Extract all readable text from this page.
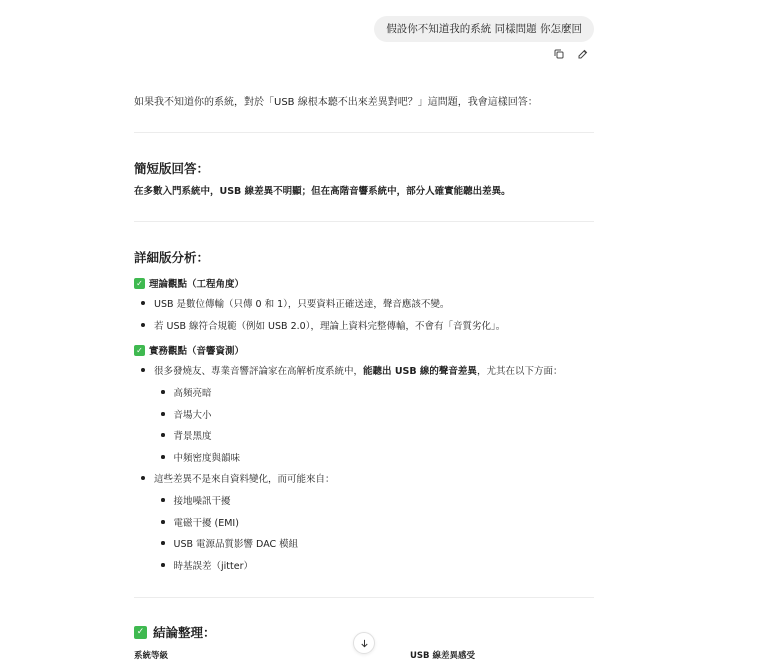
假設你不知道我的系統 同樣問題 你怎麼回
如果我不知道你的系統，對於「USB 線根本聽不出來差異對吧？」這問題，我會這樣回答：
簡短版回答：
在多數入門系統中，USB 線差異不明顯；但在高階音響系統中，部分人確實能聽出差異。
詳細版分析：
✓ 理論觀點（工程角度）
USB 是數位傳輸（只傳 0 和 1），只要資料正確送達，聲音應該不變。
若 USB 線符合規範（例如 USB 2.0），理論上資料完整傳輸，不會有「音質劣化」。
✓ 實務觀點（音響資測）
很多發燒友、專業音響評論家在高解析度系統中， 能聽出 USB 線的聲音差異 ，尤其在以下方面：
高頻亮暗
音場大小
背景黑度
中頻密度與韻味
這些差異不是來自資料變化，而可能來自：
接地噪訊干擾
電磁干擾 (EMI)
USB 電源品質影響 DAC 模組
時基誤差（jitter）
✓ 結論整理：
系統等級	USB 線差異感受
